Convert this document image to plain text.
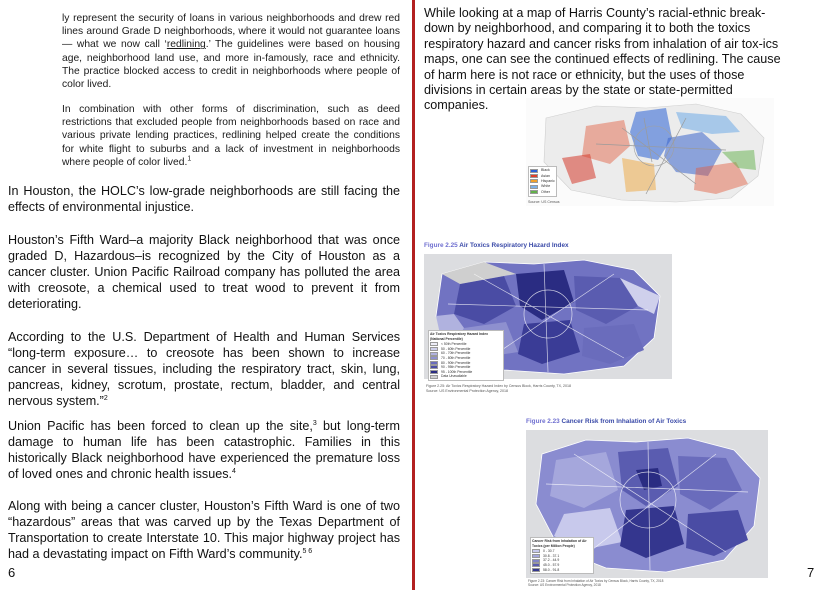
ly represent the security of loans in various neighborhoods and drew red lines around Grade D neighborhoods, where it would not guarantee loans — what we now call ‘redlining.’ The guidelines were based on housing age, neighborhood land use, and more in-famously, race and ethnicity. The practice blocked access to credit in neighborhoods where people of color lived.

In combination with other forms of discrimination, such as deed restrictions that excluded people from neighborhoods based on race and various private lending practices, redlining helped create the conditions for white flight to suburbs and a lack of investment in neighborhoods where people of color lived.$^1$

In Houston, the HOLC’s low-grade neighborhoods are still facing the effects of environmental injustice.

Houston’s Fifth Ward–a majority Black neighborhood that was once graded D, Hazardous–is recognized by the City of Houston as a cancer cluster. Union Pacific Railroad company has polluted the area with creosote, a chemical used to treat wood to prevent it from deteriorating.

According to the U.S. Department of Health and Human Services “long-term exposure… to creosote has been shown to increase cancer in several tissues, including the respiratory tract, skin, lung, pancreas, kidney, scrotum, prostate, rectum, bladder, and central nervous system.”$^2$

Union Pacific has been forced to clean up the site,$^3$ but long-term damage to human life has been catastrophic. Families in this historically Black neighborhood have experienced the premature loss of loved ones and chronic health issues.$^4$

Along with being a cancer cluster, Houston’s Fifth Ward is one of two “hazardous” areas that was carved up by the Texas Department of Transportation to create Interstate 10. This major highway project has had a devastating impact on Fifth Ward’s community.$^{5 6}$

6

While looking at a map of Harris County’s racial-ethnic break-down by neighborhood, and comparing it to both the toxics respiratory hazard and cancer risks from inhalation of air tox-ics maps, one can see the continued effects of redlining. The cause of harm here is not race or ethnicity, but the uses of those divisions in certain areas by the state or state-permitted companies.

Black
Asian
Hispanic
White
Other
Source: US Census
Figure 2.25 Air Toxics Respiratory Hazard Index
Air Toxics Respiratory Hazard Index (National Percentile)
< 50th Percentile
50 - 60th Percentile
60 - 70th Percentile
70 - 80th Percentile
80 - 90th Percentile
90 - 95th Percentile
95 - 100th Percentile
Data Unavailable
Figure 2.25: Air Toxics Respiratory Hazard Index by Census Block, Harris County, TX, 2018
Source: US Environmental Protection Agency, 2018
Figure 2.23 Cancer Risk from Inhalation of Air Toxics
Cancer Risk from Inhalation of Air Toxics (per Million People)
0 - 30.7
30.8 - 37.1
37.2 - 44.9
45.0 - 57.9
58.0 - 91.8
Figure 2.23: Cancer Risk from Inhalation of Air Toxics by Census Block, Harris County, TX, 2018
Source: US Environmental Protection Agency, 2018
7
